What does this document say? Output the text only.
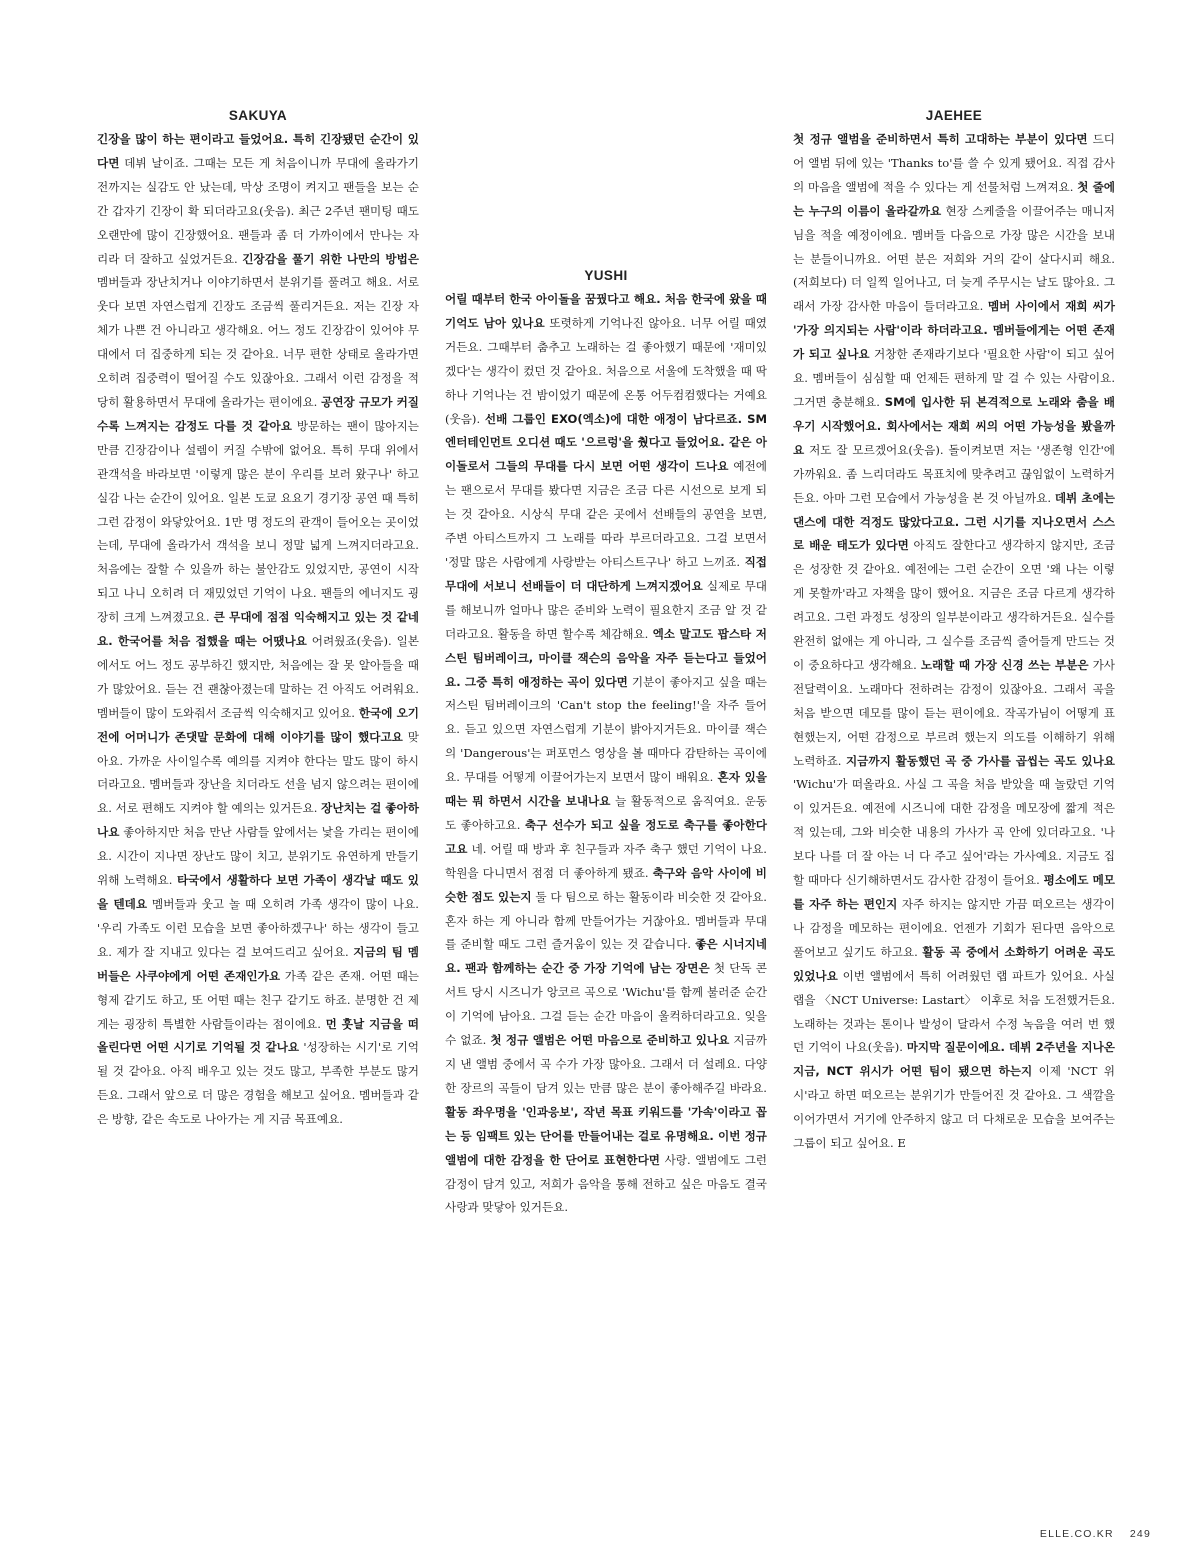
SAKUYA

긴장을 많이 하는 편이라고 들었어요. 특히 긴장됐던 순간이 있다면 데뷔 날이죠. 그때는 모든 게 처음이니까 무대에 올라가기 전까지는 실감도 안 났는데, 막상 조명이 켜지고 팬들을 보는 순간 갑자기 긴장이 확 되더라고요(웃음). 최근 2주년 팬미팅 때도 오랜만에 많이 긴장했어요. 팬들과 좀 더 가까이에서 만나는 자리라 더 잘하고 싶었거든요. 긴장감을 풀기 위한 나만의 방법은 멤버들과 장난치거나 이야기하면서 분위기를 풀려고 해요. 서로 웃다 보면 자연스럽게 긴장도 조금씩 풀리거든요. 저는 긴장 자체가 나쁜 건 아니라고 생각해요. 어느 정도 긴장감이 있어야 무대에서 더 집중하게 되는 것 같아요. 너무 편한 상태로 올라가면 오히려 집중력이 떨어질 수도 있잖아요. 그래서 이런 감정을 적당히 활용하면서 무대에 올라가는 편이에요. 공연장 규모가 커질수록 느껴지는 감정도 다를 것 같아요 방문하는 팬이 많아지는 만큼 긴장감이나 설렘이 커질 수밖에 없어요. 특히 무대 위에서 관객석을 바라보면 '이렇게 많은 분이 우리를 보러 왔구나' 하고 실감 나는 순간이 있어요. 일본 도쿄 요요기 경기장 공연 때 특히 그런 감정이 와닿았어요. 1만 명 정도의 관객이 들어오는 곳이었는데, 무대에 올라가서 객석을 보니 정말 넓게 느껴지더라고요. 처음에는 잘할 수 있을까 하는 불안감도 있었지만, 공연이 시작되고 나니 오히려 더 재밌었던 기억이 나요. 팬들의 에너지도 굉장히 크게 느껴졌고요. 큰 무대에 점점 익숙해지고 있는 것 같네요. 한국어를 처음 접했을 때는 어땠나요 어려웠죠(웃음). 일본에서도 어느 정도 공부하긴 했지만, 처음에는 잘 못 알아들을 때가 많았어요. 듣는 건 괜찮아졌는데 말하는 건 아직도 어려워요. 멤버들이 많이 도와줘서 조금씩 익숙해지고 있어요. 한국에 오기 전에 어머니가 존댓말 문화에 대해 이야기를 많이 했다고요 맞아요. 가까운 사이일수록 예의를 지켜야 한다는 말도 많이 하시더라고요. 멤버들과 장난을 치더라도 선을 넘지 않으려는 편이에요. 서로 편해도 지켜야 할 예의는 있거든요. 장난치는 걸 좋아하나요 좋아하지만 처음 만난 사람들 앞에서는 낯을 가리는 편이에요. 시간이 지나면 장난도 많이 치고, 분위기도 유연하게 만들기 위해 노력해요. 타국에서 생활하다 보면 가족이 생각날 때도 있을 텐데요 멤버들과 웃고 놀 때 오히려 가족 생각이 많이 나요. '우리 가족도 이런 모습을 보면 좋아하겠구나' 하는 생각이 들고요. 제가 잘 지내고 있다는 걸 보여드리고 싶어요. 지금의 팀 멤버들은 사쿠야에게 어떤 존재인가요 가족 같은 존재. 어떤 때는 형제 같기도 하고, 또 어떤 때는 친구 같기도 하죠. 분명한 건 제게는 굉장히 특별한 사람들이라는 점이에요. 먼 훗날 지금을 떠올린다면 어떤 시기로 기억될 것 같나요 '성장하는 시기'로 기억될 것 같아요. 아직 배우고 있는 것도 많고, 부족한 부분도 많거든요. 그래서 앞으로 더 많은 경험을 해보고 싶어요. 멤버들과 같은 방향, 같은 속도로 나아가는 게 지금 목표예요.

YUSHI

어릴 때부터 한국 아이돌을 꿈꿨다고 해요. 처음 한국에 왔을 때 기억도 남아 있나요 또렷하게 기억나진 않아요. 너무 어릴 때였거든요. 그때부터 춤추고 노래하는 걸 좋아했기 때문에 '재미있겠다'는 생각이 컸던 것 같아요. 처음으로 서울에 도착했을 때 딱 하나 기억나는 건 밤이었기 때문에 온통 어두컴컴했다는 거예요(웃음). 선배 그룹인 EXO(엑소)에 대한 애정이 남다르죠. SM엔터테인먼트 오디션 때도 '으르렁'을 췄다고 들었어요. 같은 아이돌로서 그들의 무대를 다시 보면 어떤 생각이 드나요 예전에는 팬으로서 무대를 봤다면 지금은 조금 다른 시선으로 보게 되는 것 같아요. 시상식 무대 같은 곳에서 선배들의 공연을 보면, 주변 아티스트까지 그 노래를 따라 부르더라고요. 그걸 보면서 '정말 많은 사람에게 사랑받는 아티스트구나' 하고 느끼죠. 직접 무대에 서보니 선배들이 더 대단하게 느껴지겠어요 실제로 무대를 해보니까 얼마나 많은 준비와 노력이 필요한지 조금 알 것 같더라고요. 활동을 하면 할수록 체감해요. 엑소 말고도 팝스타 저스틴 팀버레이크, 마이클 잭슨의 음악을 자주 듣는다고 들었어요. 그중 특히 애정하는 곡이 있다면 기분이 좋아지고 싶을 때는 저스틴 팀버레이크의 'Can't stop the feeling!'을 자주 들어요. 듣고 있으면 자연스럽게 기분이 밝아지거든요. 마이클 잭슨의 'Dangerous'는 퍼포먼스 영상을 볼 때마다 감탄하는 곡이에요. 무대를 어떻게 이끌어가는지 보면서 많이 배워요. 혼자 있을 때는 뭐 하면서 시간을 보내나요 늘 활동적으로 움직여요. 운동도 좋아하고요. 축구 선수가 되고 싶을 정도로 축구를 좋아한다고요 네. 어릴 때 방과 후 친구들과 자주 축구 했던 기억이 나요. 학원을 다니면서 점점 더 좋아하게 됐죠. 축구와 음악 사이에 비슷한 점도 있는지 둘 다 팀으로 하는 활동이라 비슷한 것 같아요. 혼자 하는 게 아니라 함께 만들어가는 거잖아요. 멤버들과 무대를 준비할 때도 그런 즐거움이 있는 것 같습니다. 좋은 시너지네요. 팬과 함께하는 순간 중 가장 기억에 남는 장면은 첫 단독 콘서트 당시 시즈니가 앙코르 곡으로 'Wichu'를 함께 불러준 순간이 기억에 남아요. 그걸 듣는 순간 마음이 울컥하더라고요. 잊을 수 없죠. 첫 정규 앨범은 어떤 마음으로 준비하고 있나요 지금까지 낸 앨범 중에서 곡 수가 가장 많아요. 그래서 더 설레요. 다양한 장르의 곡들이 담겨 있는 만큼 많은 분이 좋아해주길 바라요. 활동 좌우명을 '인과응보', 작년 목표 키워드를 '가속'이라고 꼽는 등 임팩트 있는 단어를 만들어내는 걸로 유명해요. 이번 정규 앨범에 대한 감정을 한 단어로 표현한다면 사랑. 앨범에도 그런 감정이 담겨 있고, 저희가 음악을 통해 전하고 싶은 마음도 결국 사랑과 맞닿아 있거든요.

JAEHEE

첫 정규 앨범을 준비하면서 특히 고대하는 부분이 있다면 드디어 앨범 뒤에 있는 'Thanks to'를 쓸 수 있게 됐어요. 직접 감사의 마음을 앨범에 적을 수 있다는 게 선물처럼 느껴져요. 첫 줄에는 누구의 이름이 올라갈까요 현장 스케줄을 이끌어주는 매니저님을 적을 예정이에요. 멤버들 다음으로 가장 많은 시간을 보내는 분들이니까요. 어떤 분은 저희와 거의 같이 살다시피 해요. (저희보다) 더 일찍 일어나고, 더 늦게 주무시는 날도 많아요. 그래서 가장 감사한 마음이 들더라고요. 멤버 사이에서 재희 씨가 '가장 의지되는 사람'이라 하더라고요. 멤버들에게는 어떤 존재가 되고 싶나요 거창한 존재라기보다 '필요한 사람'이 되고 싶어요. 멤버들이 심심할 때 언제든 편하게 말 걸 수 있는 사람이요. 그거면 충분해요. SM에 입사한 뒤 본격적으로 노래와 춤을 배우기 시작했어요. 회사에서는 재희 씨의 어떤 가능성을 봤을까요 저도 잘 모르겠어요(웃음). 돌이켜보면 저는 '생존형 인간'에 가까워요. 좀 느리더라도 목표치에 맞추려고 끊임없이 노력하거든요. 아마 그런 모습에서 가능성을 본 것 아닐까요. 데뷔 초에는 댄스에 대한 걱정도 많았다고요. 그런 시기를 지나오면서 스스로 배운 태도가 있다면 아직도 잘한다고 생각하지 않지만, 조금은 성장한 것 같아요. 예전에는 그런 순간이 오면 '왜 나는 이렇게 못할까'라고 자책을 많이 했어요. 지금은 조금 다르게 생각하려고요. 그런 과정도 성장의 일부분이라고 생각하거든요. 실수를 완전히 없애는 게 아니라, 그 실수를 조금씩 줄어들게 만드는 것이 중요하다고 생각해요. 노래할 때 가장 신경 쓰는 부분은 가사 전달력이요. 노래마다 전하려는 감정이 있잖아요. 그래서 곡을 처음 받으면 데모를 많이 듣는 편이에요. 작곡가님이 어떻게 표현했는지, 어떤 감정으로 부르려 했는지 의도를 이해하기 위해 노력하죠. 지금까지 활동했던 곡 중 가사를 곱씹는 곡도 있나요 'Wichu'가 떠올라요. 사실 그 곡을 처음 받았을 때 놀랐던 기억이 있거든요. 예전에 시즈니에 대한 감정을 메모장에 짧게 적은 적 있는데, 그와 비슷한 내용의 가사가 곡 안에 있더라고요. '나보다 나를 더 잘 아는 너 다 주고 싶어'라는 가사예요. 지금도 집할 때마다 신기해하면서도 감사한 감정이 들어요. 평소에도 메모를 자주 하는 편인지 자주 하지는 않지만 가끔 떠오르는 생각이나 감정을 메모하는 편이에요. 언젠가 기회가 된다면 음악으로 풀어보고 싶기도 하고요. 활동 곡 중에서 소화하기 어려운 곡도 있었나요 이번 앨범에서 특히 어려웠던 랩 파트가 있어요. 사실 랩을 〈NCT Universe: Lastart〉 이후로 처음 도전했거든요. 노래하는 것과는 톤이나 발성이 달라서 수정 녹음을 여러 번 했던 기억이 나요(웃음). 마지막 질문이에요. 데뷔 2주년을 지나온 지금, NCT 위시가 어떤 팀이 됐으면 하는지 이제 'NCT 위시'라고 하면 떠오르는 분위기가 만들어진 것 같아요. 그 색깔을 이어가면서 거기에 안주하지 않고 더 다채로운 모습을 보여주는 그룹이 되고 싶어요. E

ELLE.CO.KR 249
